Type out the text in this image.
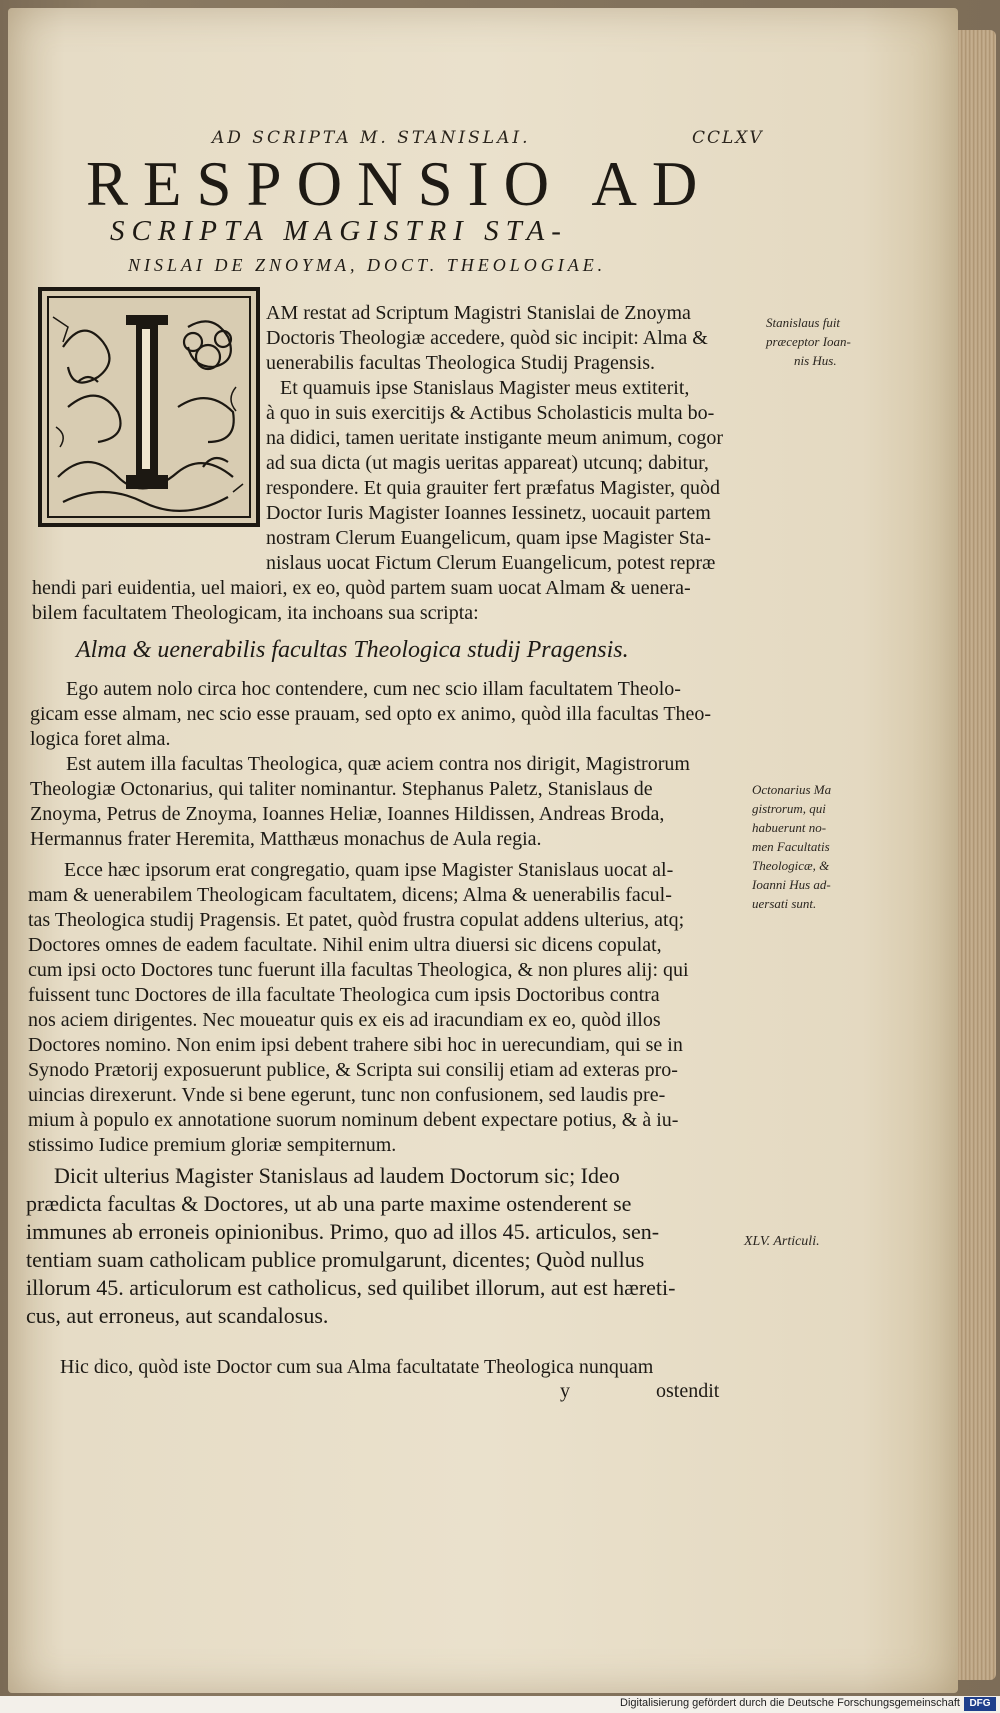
AD SCRIPTA M. STANISLAI.	CCLXV
RESPONSIO AD
SCRIPTA MAGISTRI STA-
NISLAI DE ZNOYMA, DOCT. THEOLOGIAE.

AM restat ad Scriptum Magistri Stanislai de Znoyma

Doctoris Theologiæ accedere, quòd sic incipit: Alma &

uenerabilis facultas Theologica Studij Pragensis.

Et quamuis ipse Stanislaus Magister meus extiterit,

à quo in suis exercitijs & Actibus Scholasticis multa bo-

na didici, tamen ueritate instigante meum animum, cogor

ad sua dicta (ut magis ueritas appareat) utcunq; dabitur,

respondere. Et quia grauiter fert præfatus Magister, quòd

Doctor Iuris Magister Ioannes Iessinetz, uocauit partem

nostram Clerum Euangelicum, quam ipse Magister Sta-

nislaus uocat Fictum Clerum Euangelicum, potest repræ

hendi pari euidentia, uel maiori, ex eo, quòd partem suam uocat Almam & uenera-

bilem facultatem Theologicam, ita inchoans sua scripta:

Alma & uenerabilis facultas Theologica studij Pragensis.

Ego autem nolo circa hoc contendere, cum nec scio illam facultatem Theolo-

gicam esse almam, nec scio esse prauam, sed opto ex animo, quòd illa facultas Theo-

logica foret alma.

Est autem illa facultas Theologica, quæ aciem contra nos dirigit, Magistrorum

Theologiæ Octonarius, qui taliter nominantur. Stephanus Paletz, Stanislaus de

Znoyma, Petrus de Znoyma, Ioannes Heliæ, Ioannes Hildissen, Andreas Broda,

Hermannus frater Heremita, Matthæus monachus de Aula regia.

Ecce hæc ipsorum erat congregatio, quam ipse Magister Stanislaus uocat al-

mam & uenerabilem Theologicam facultatem, dicens; Alma & uenerabilis facul-

tas Theologica studij Pragensis. Et patet, quòd frustra copulat addens ulterius, atq;

Doctores omnes de eadem facultate. Nihil enim ultra diuersi sic dicens copulat,

cum ipsi octo Doctores tunc fuerunt illa facultas Theologica, & non plures alij: qui

fuissent tunc Doctores de illa facultate Theologica cum ipsis Doctoribus contra

nos aciem dirigentes. Nec moueatur quis ex eis ad iracundiam ex eo, quòd illos

Doctores nomino. Non enim ipsi debent trahere sibi hoc in uerecundiam, qui se in

Synodo Prætorij exposuerunt publice, & Scripta sui consilij etiam ad exteras pro-

uincias direxerunt. Vnde si bene egerunt, tunc non confusionem, sed laudis pre-

mium à populo ex annotatione suorum nominum debent expectare potius, & à iu-

stissimo Iudice premium gloriæ sempiternum.

Dicit ulterius Magister Stanislaus ad laudem Doctorum sic; Ideo

prædicta facultas & Doctores, ut ab una parte maxime ostenderent se

immunes ab erroneis opinionibus. Primo, quo ad illos 45. articulos, sen-

tentiam suam catholicam publice promulgarunt, dicentes; Quòd nullus

illorum 45. articulorum est catholicus, sed quilibet illorum, aut est hæreti-

cus, aut erroneus, aut scandalosus.

Hic dico, quòd iste Doctor cum sua Alma facultatate Theologica nunquam

y	ostendit
Stanislaus fuit
præceptor Ioan-
nis Hus.
Octonarius Ma
gistrorum, qui
habuerunt no-
men Facultatis
Theologicæ, &
Ioanni Hus ad-
uersati sunt.
XLV. Articuli.
Digitalisierung gefördert durch die Deutsche Forschungsgemeinschaft DFG
